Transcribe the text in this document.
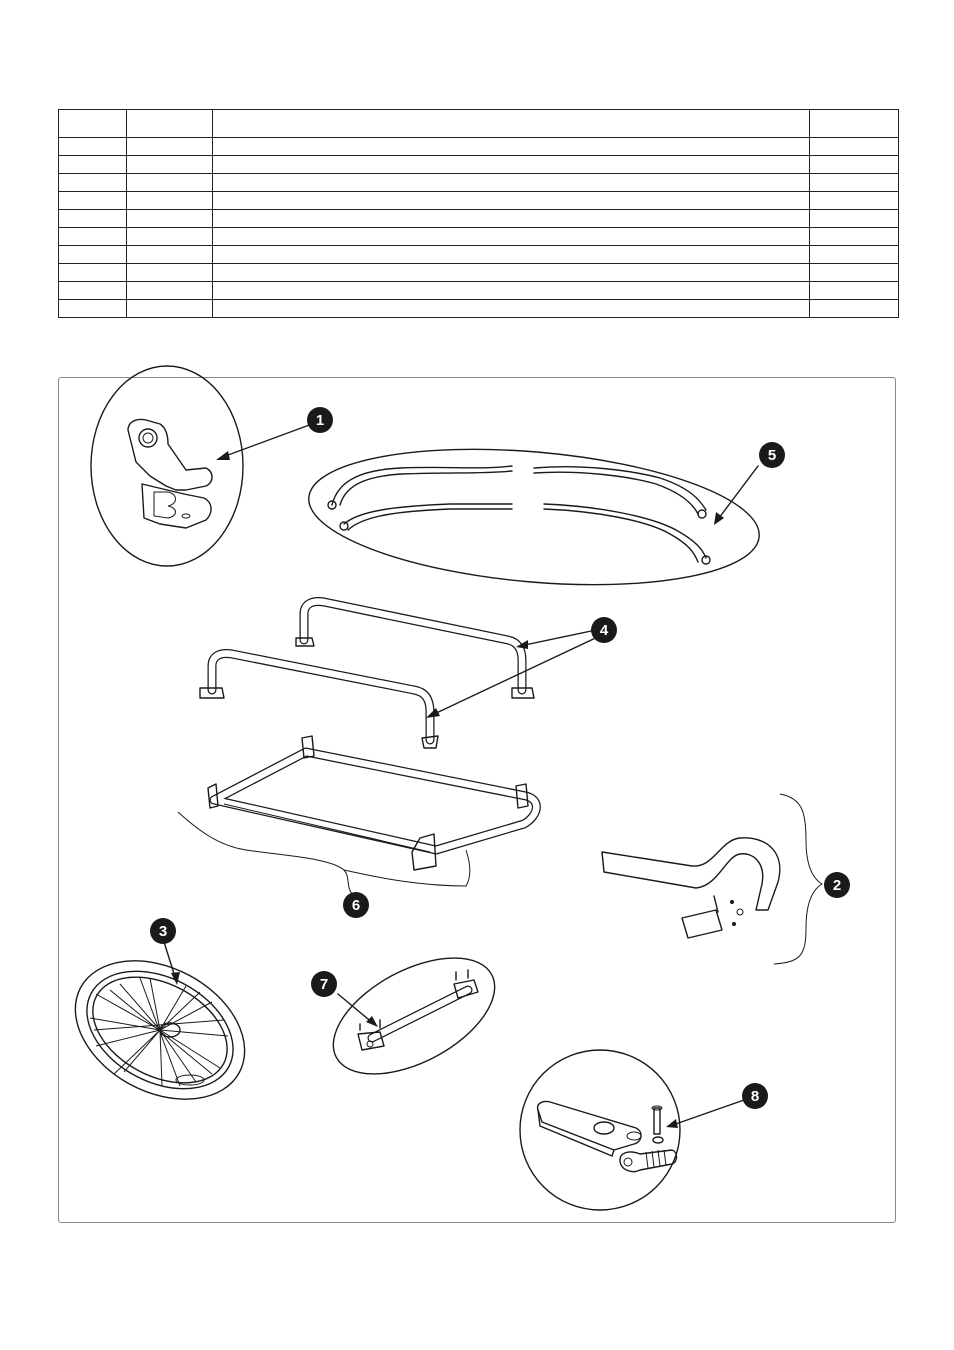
1
5
4
2
6
3
7
8
